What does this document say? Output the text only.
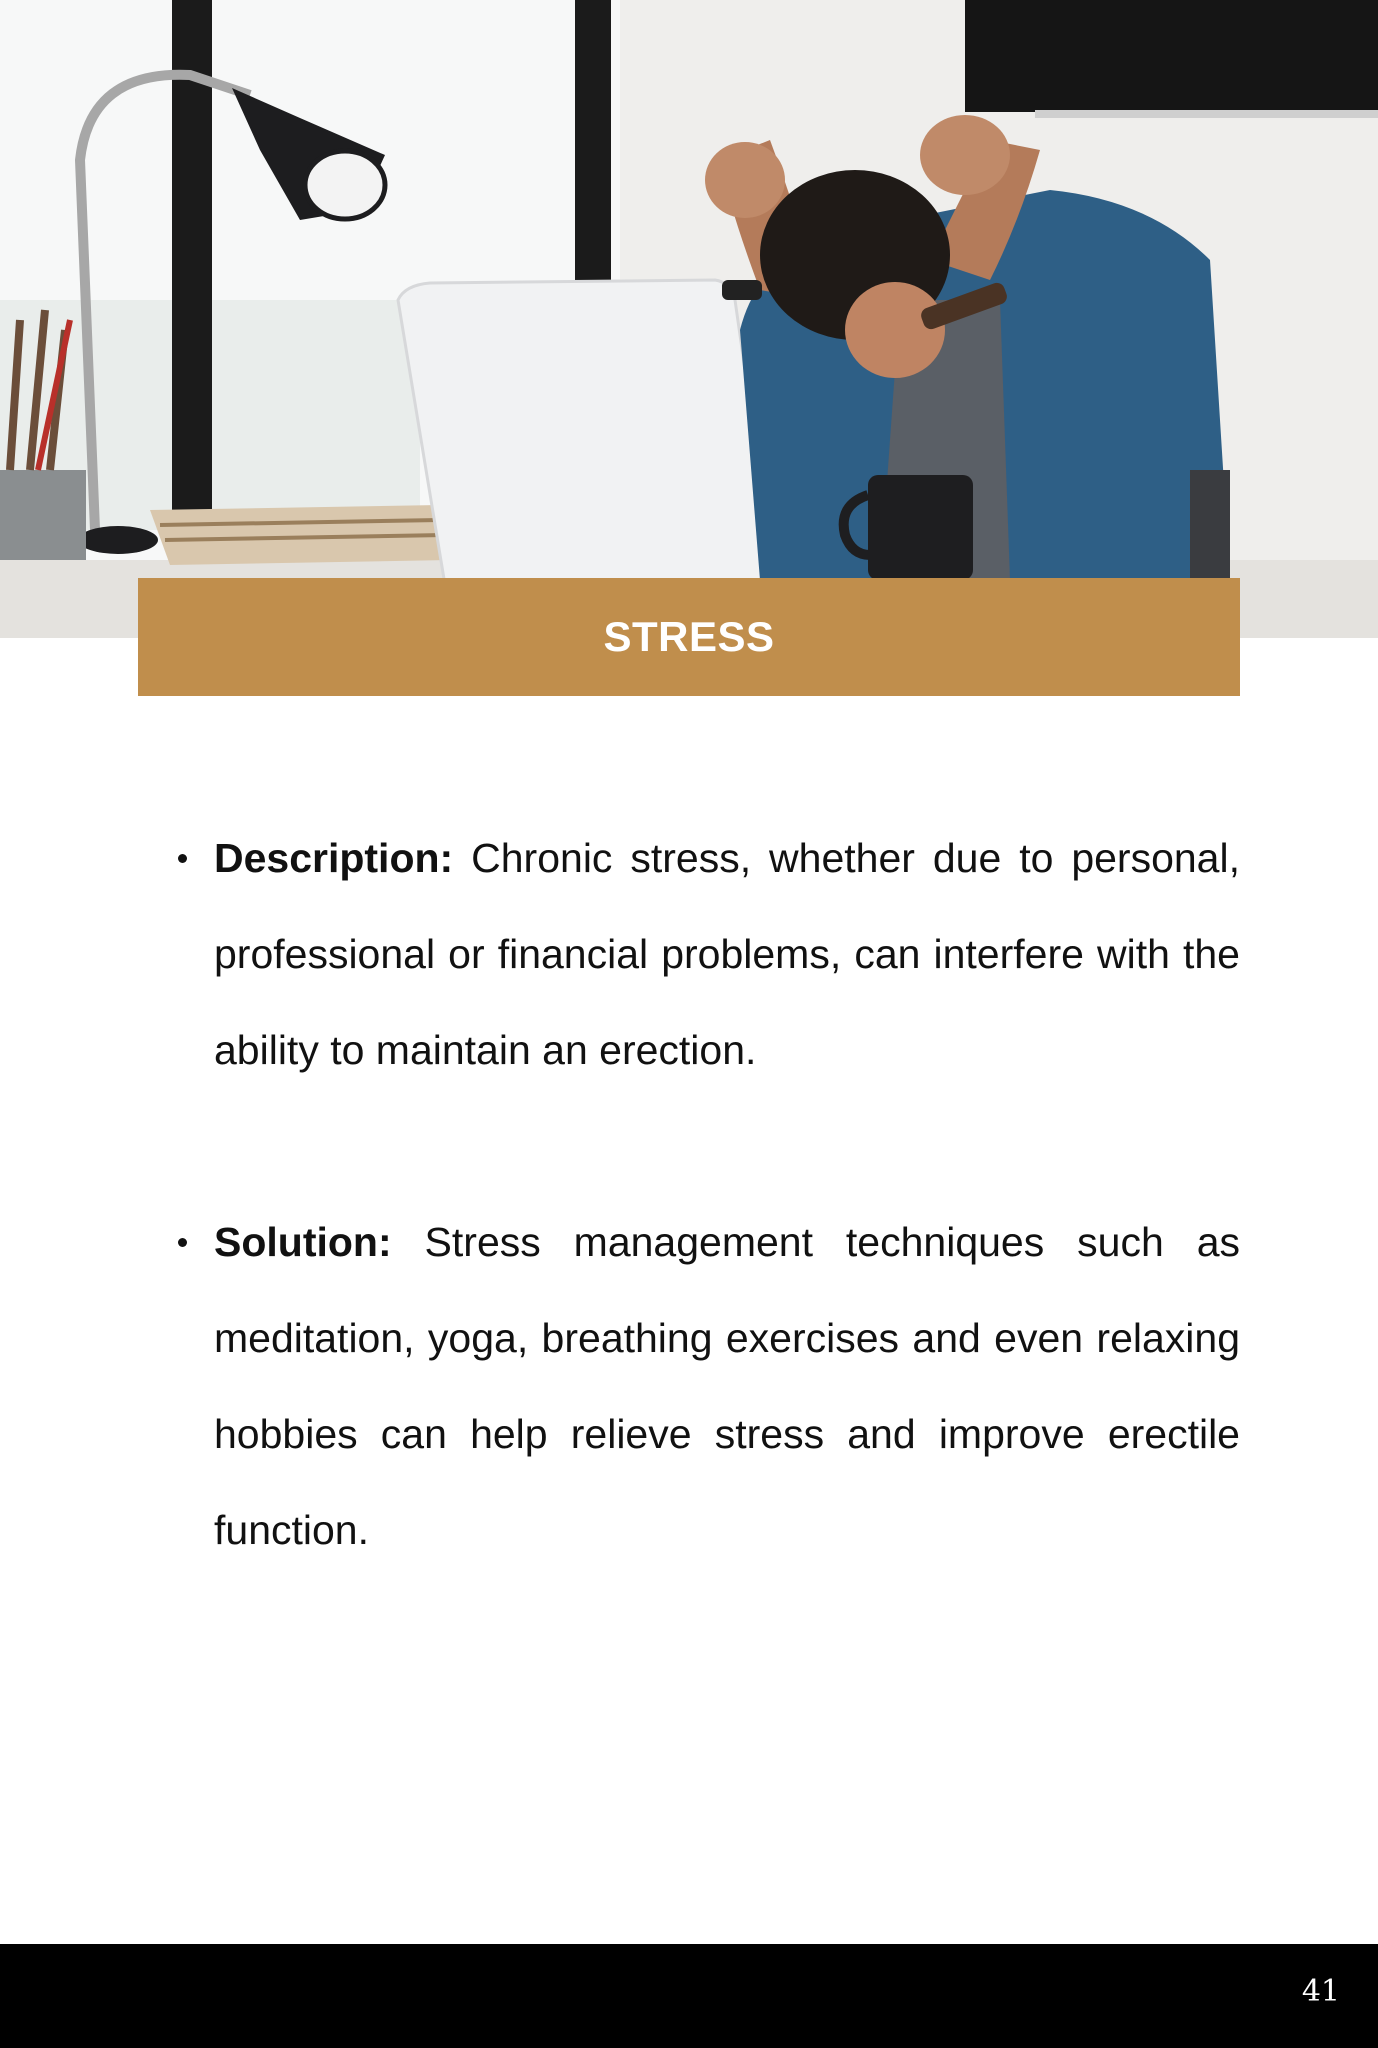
STRESS
Description: Chronic stress, whether due to personal, professional or financial problems, can interfere with the ability to maintain an erection.
Solution: Stress management techniques such as meditation, yoga, breathing exercises and even relaxing hobbies can help relieve stress and improve erectile function.
41
